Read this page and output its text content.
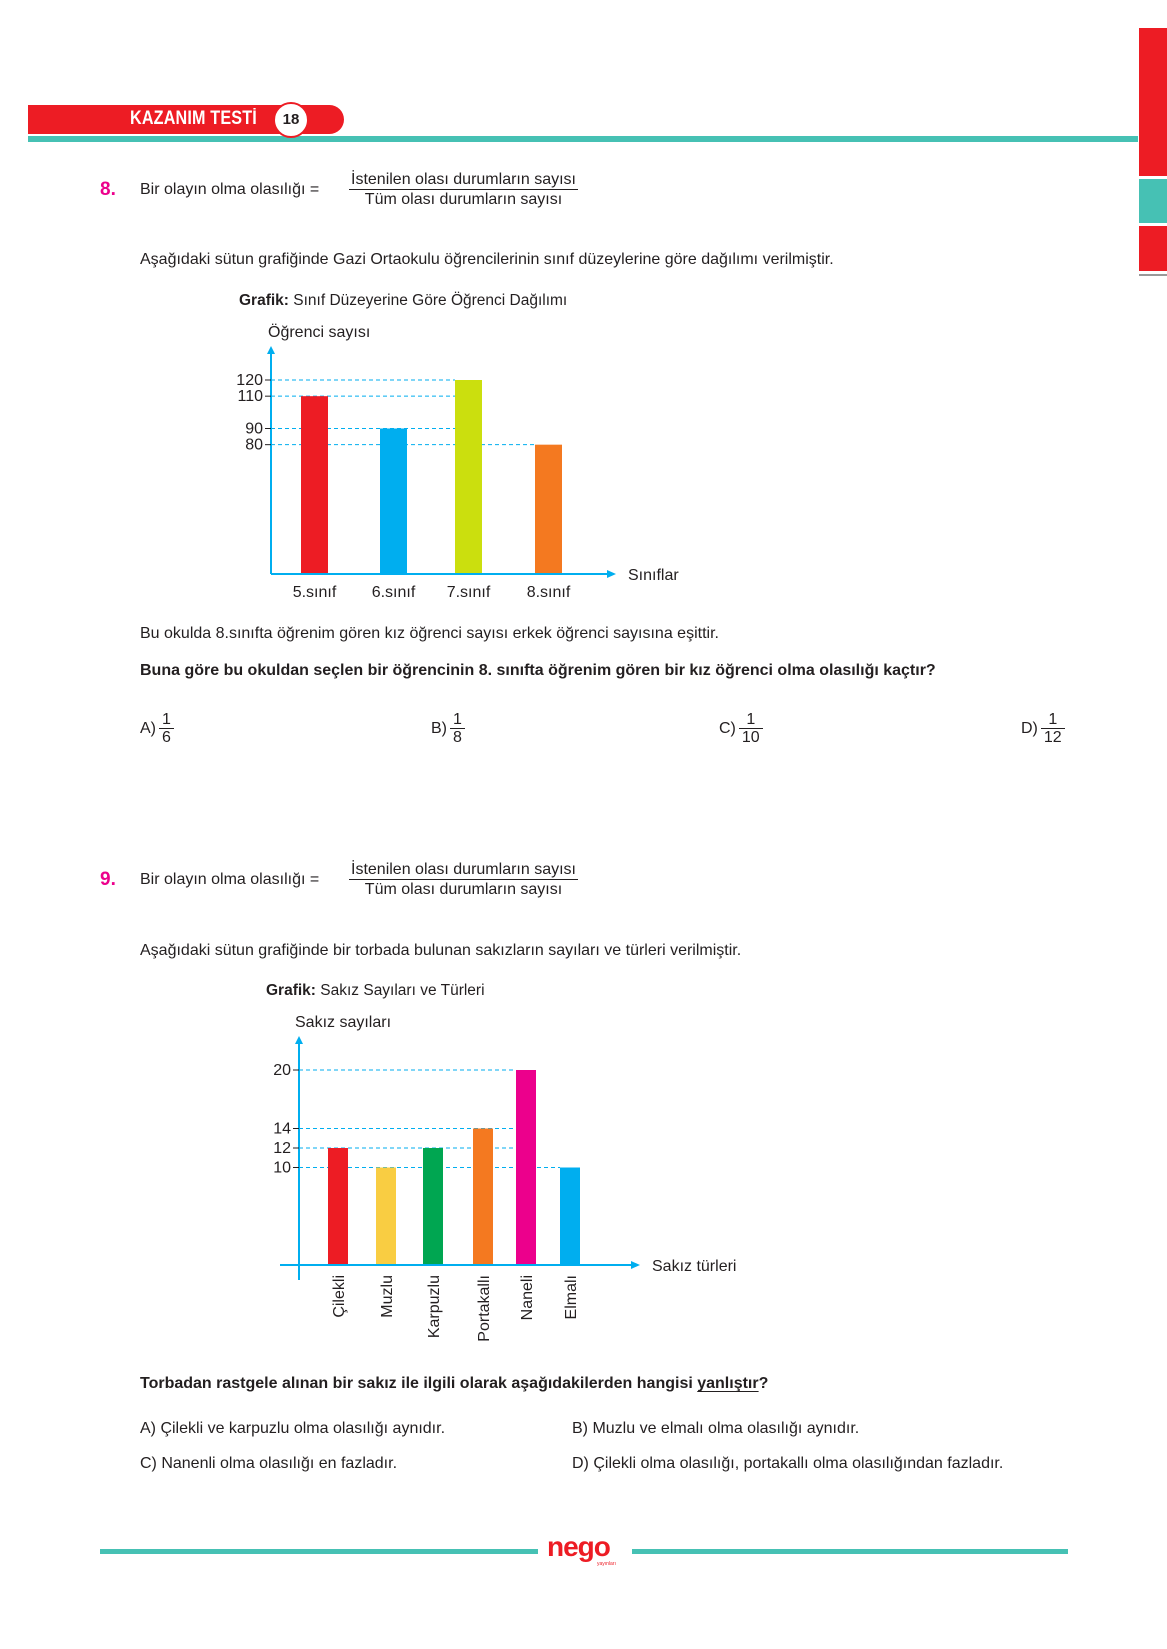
KAZANIM TESTİ	18
8. Bir olayın olma olasılığı =
İstenilen olası durumların sayısı
Tüm olası durumların sayısı
Aşağıdaki sütun grafiğinde Gazi Ortaokulu öğrencilerinin sınıf düzeylerine göre dağılımı verilmiştir.
Grafik: Sınıf Düzeyerine Göre Öğrenci Dağılımı
Öğrenci sayısı
Sınıflar
80
90
110
120
5.sınıf 6.sınıf 7.sınıf 8.sınıf
Bu okulda 8.sınıfta öğrenim gören kız öğrenci sayısı erkek öğrenci sayısına eşittir.
Buna göre bu okuldan seçlen bir öğrencinin 8. sınıfta öğrenim gören bir kız öğrenci olma olasılığı kaçtır?
$A) \frac{1}{6}$	$B) \frac{1}{8}$	$C) \frac{1}{10}$	$D) \frac{1}{12}$
9. Bir olayın olma olasılığı =
İstenilen olası durumların sayısı
Tüm olası durumların sayısı
Aşağıdaki sütun grafiğinde bir torbada bulunan sakızların sayıları ve türleri verilmiştir.
Grafik: Sakız Sayıları ve Türleri
Torbadan rastgele alınan bir sakız ile ilgili olarak aşağıdakilerden hangisi yanlıştır?
A) Çilekli ve karpuzlu olma olasılığı aynıdır.	B) Muzlu ve elmalı olma olasılığı aynıdır.
C) Nanenli olma olasılığı en fazladır.	D) Çilekli olma olasılığı, portakallı olma olasılığından fazladır.
nego
yayınları
Sakız sayıları
Sakız türleri
10
12
14
20
Çilekli Muzlu Karpuzlu Portakallı Naneli Elmalı
